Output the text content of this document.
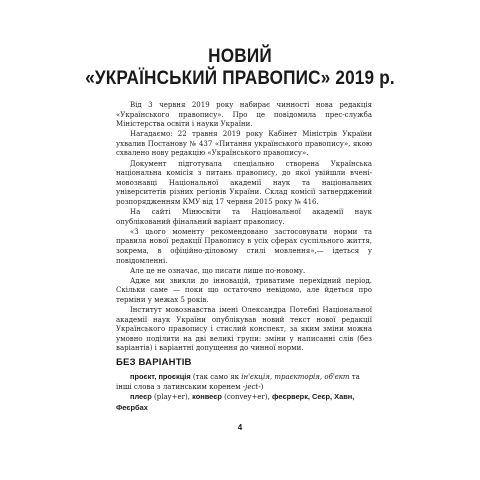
НОВИЙ
«УКРАЇНСЬКИЙ ПРАВОПИС» 2019 р.

Від 3 червня 2019 року набирає чинності нова редакція «Українського правопису». Про це повідомила прес-служба Міністерства освіти і науки України.

Нагадаємо: 22 травня 2019 року Кабінет Міністрів України ухвалив Постанову № 437 «Питання українського правопису», якою схвалено нову редакцію «Українського правопису».

Документ підготувала спеціально створена Українська національна комісія з питань правопису, до якої увійшли вчені-мовознавці Національної академії наук та національних університетів різних регіонів України. Склад комісії затверджений розпорядженням КМУ від 17 червня 2015 року № 416.

На сайті Мінюсвіти та Національної академії наук опублікований фінальний варіант правопису.

«З цього моменту рекомендовано застосовувати норми та правила нової редакції Правопису в усіх сферах суспільного життя, зокрема, в офіційно-діловому стилі мовлення»,— ідеться у повідомленні.

Але це не означає, що писати лише по-новому.

Адже ми звикли до інновацій, триватиме перехідний період. Скільки саме — поки що остаточно невідомо, але йдеться про терміни у межах 5 років.

Інститут мовознавства імені Олександра Потебні Національної академії наук України опублікував новий текст нової редакції Українського правопису і стислий конспект, за яким зміни можна умовно поділити на дві великі групи: зміни у написанні слів (без варіантів) і варіантні допущення до чинної норми.

БЕЗ ВАРІАНТІВ

проєкт, проєкція (так само як ін'єкція, траєкторія, об'єкт та інші слова з латинським коренем -ject-)

плеєр (play+er), конвеєр (convey+er), феєрверк, Сеєр, Хавн, Феєрбах

4
